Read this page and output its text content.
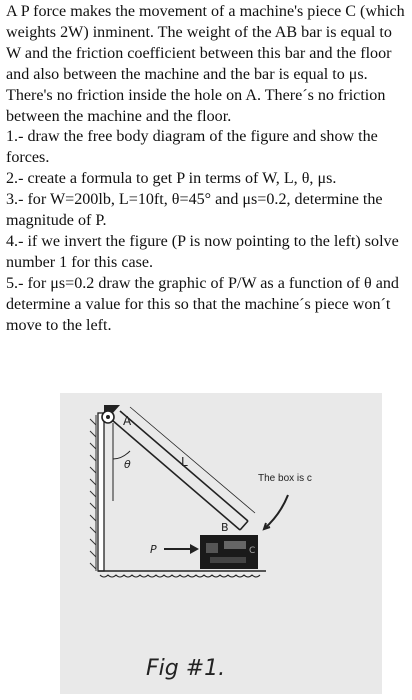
A P force makes the movement of a machine's piece C (which weights 2W) inminent. The weight of the AB bar is equal to W and the friction coefficient between this bar and the floor and also between the machine and the bar is equal to μs. There's no friction inside the hole on A. There´s no friction between the machine and the floor.

1.- draw the free body diagram of the figure and show the forces.

2.- create a formula to get P in terms of W, L, θ, μs.

3.- for W=200lb, L=10ft, θ=45° and μs=0.2, determine the magnitude of P.

4.- if we invert the figure (P is now pointing to the left) solve number 1 for this case.

5.- for μs=0.2 draw the graphic of P/W as a function of θ and determine a value for this so that the machine´s piece won´t move to the left.

A
θ	L
B
P	C
The box is c
Fig #1.
